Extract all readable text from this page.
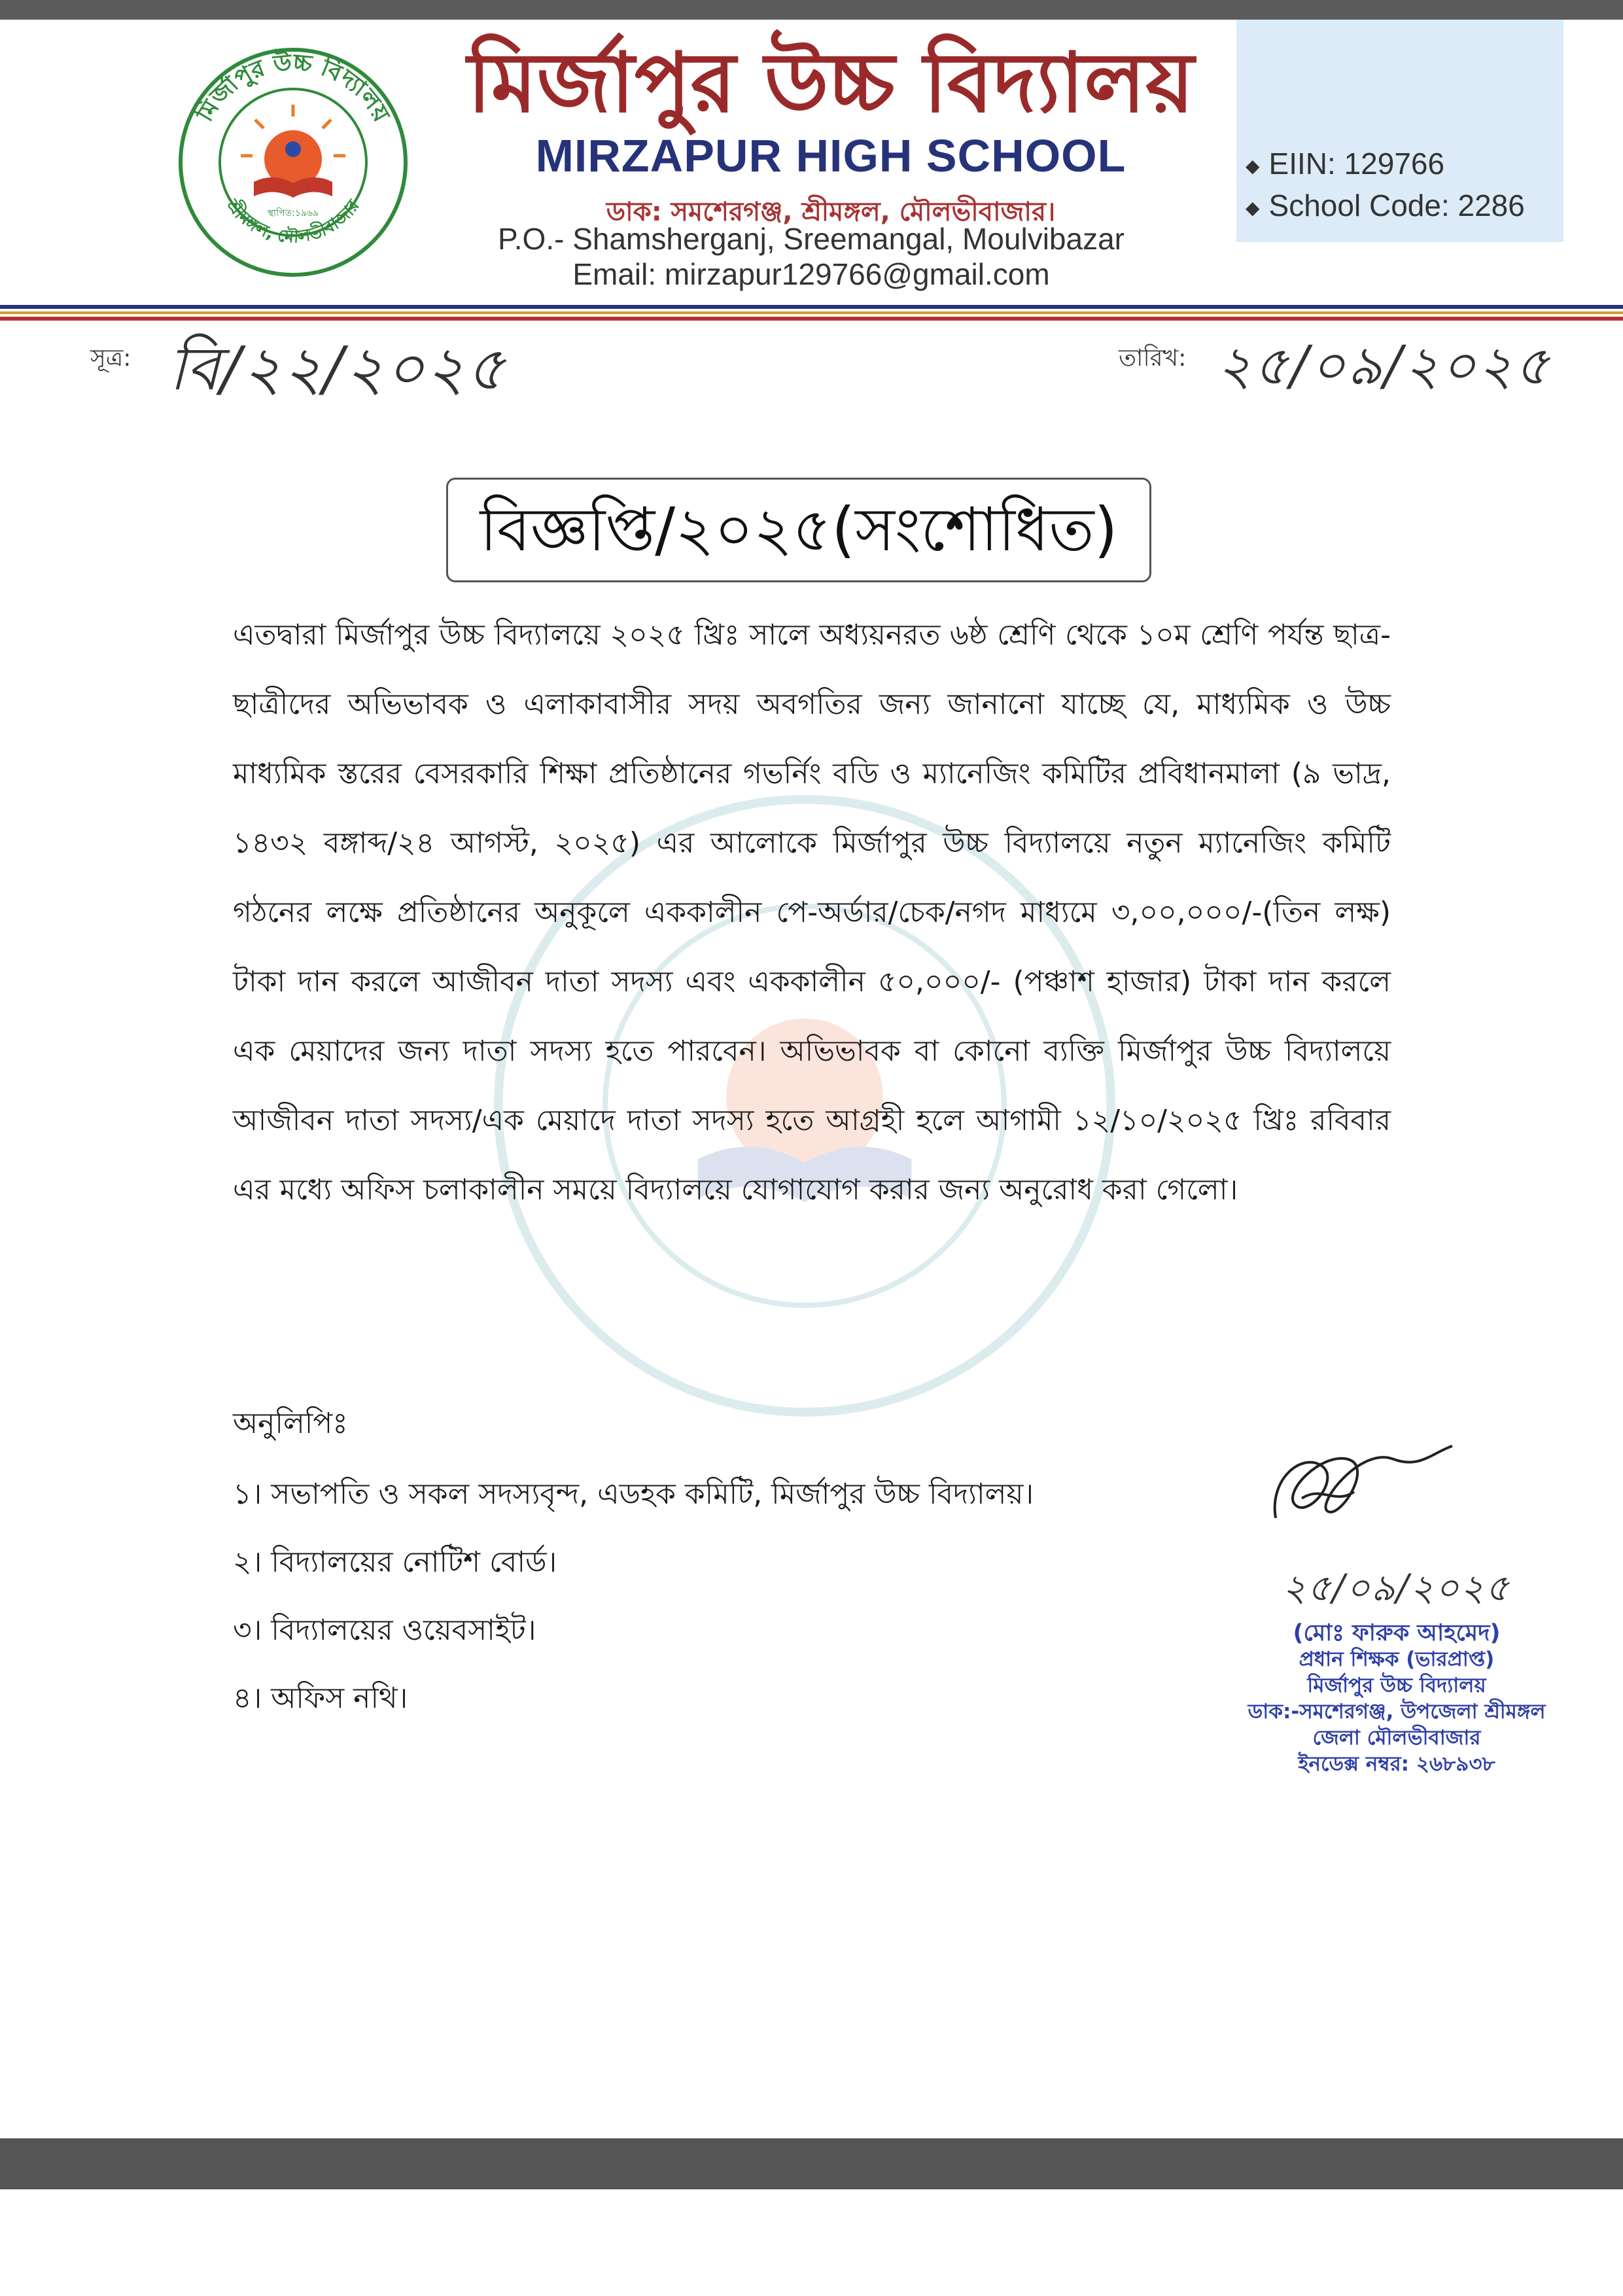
মির্জাপুর উচ্চ বিদ্যালয়
শ্রীমঙ্গল, মৌলভীবাজার
স্থাপিত:১৯৬৯
মির্জাপুর উচ্চ বিদ্যালয়
MIRZAPUR HIGH SCHOOL
ডাক: সমশেরগঞ্জ, শ্রীমঙ্গল, মৌলভীবাজার।
P.O.- Shamsherganj, Sreemangal, Moulvibazar
Email: mirzapur129766@gmail.com
◆ EIIN: 129766
◆ School Code: 2286
সূত্র: বি/২২/২০২৫	তারিখ: ২৫/০৯/২০২৫
বিজ্ঞপ্তি/২০২৫(সংশোধিত)
এতদ্বারা মির্জাপুর উচ্চ বিদ্যালয়ে ২০২৫ খ্রিঃ সালে অধ্যয়নরত ৬ষ্ঠ শ্রেণি থেকে ১০ম শ্রেণি পর্যন্ত ছাত্র-ছাত্রীদের অভিভাবক ও এলাকাবাসীর সদয় অবগতির জন্য জানানো যাচ্ছে যে, মাধ্যমিক ও উচ্চ মাধ্যমিক স্তরের বেসরকারি শিক্ষা প্রতিষ্ঠানের গভর্নিং বডি ও ম্যানেজিং কমিটির প্রবিধানমালা (৯ ভাদ্র, ১৪৩২ বঙ্গাব্দ/২৪ আগস্ট, ২০২৫) এর আলোকে মির্জাপুর উচ্চ বিদ্যালয়ে নতুন ম্যানেজিং কমিটি গঠনের লক্ষে প্রতিষ্ঠানের অনুকূলে এককালীন পে-অর্ডার/চেক/নগদ মাধ্যমে ৩,০০,০০০/-(তিন লক্ষ) টাকা দান করলে আজীবন দাতা সদস্য এবং এককালীন ৫০,০০০/- (পঞ্চাশ হাজার) টাকা দান করলে এক মেয়াদের জন্য দাতা সদস্য হতে পারবেন। অভিভাবক বা কোনো ব্যক্তি মির্জাপুর উচ্চ বিদ্যালয়ে আজীবন দাতা সদস্য/এক মেয়াদে দাতা সদস্য হতে আগ্রহী হলে আগামী ১২/১০/২০২৫ খ্রিঃ রবিবার এর মধ্যে অফিস চলাকালীন সময়ে বিদ্যালয়ে যোগাযোগ করার জন্য অনুরোধ করা গেলো।
অনুলিপিঃ
১। সভাপতি ও সকল সদস্যবৃন্দ, এডহক কমিটি, মির্জাপুর উচ্চ বিদ্যালয়।
২। বিদ্যালয়ের নোটিশ বোর্ড।
৩। বিদ্যালয়ের ওয়েবসাইট।
৪। অফিস নথি।
২৫/০৯/২০২৫
(মোঃ ফারুক আহমেদ)
প্রধান শিক্ষক (ভারপ্রাপ্ত)
মির্জাপুর উচ্চ বিদ্যালয়
ডাক:-সমশেরগঞ্জ, উপজেলা শ্রীমঙ্গল
জেলা মৌলভীবাজার
ইনডেক্স নম্বর: ২৬৮৯৩৮
